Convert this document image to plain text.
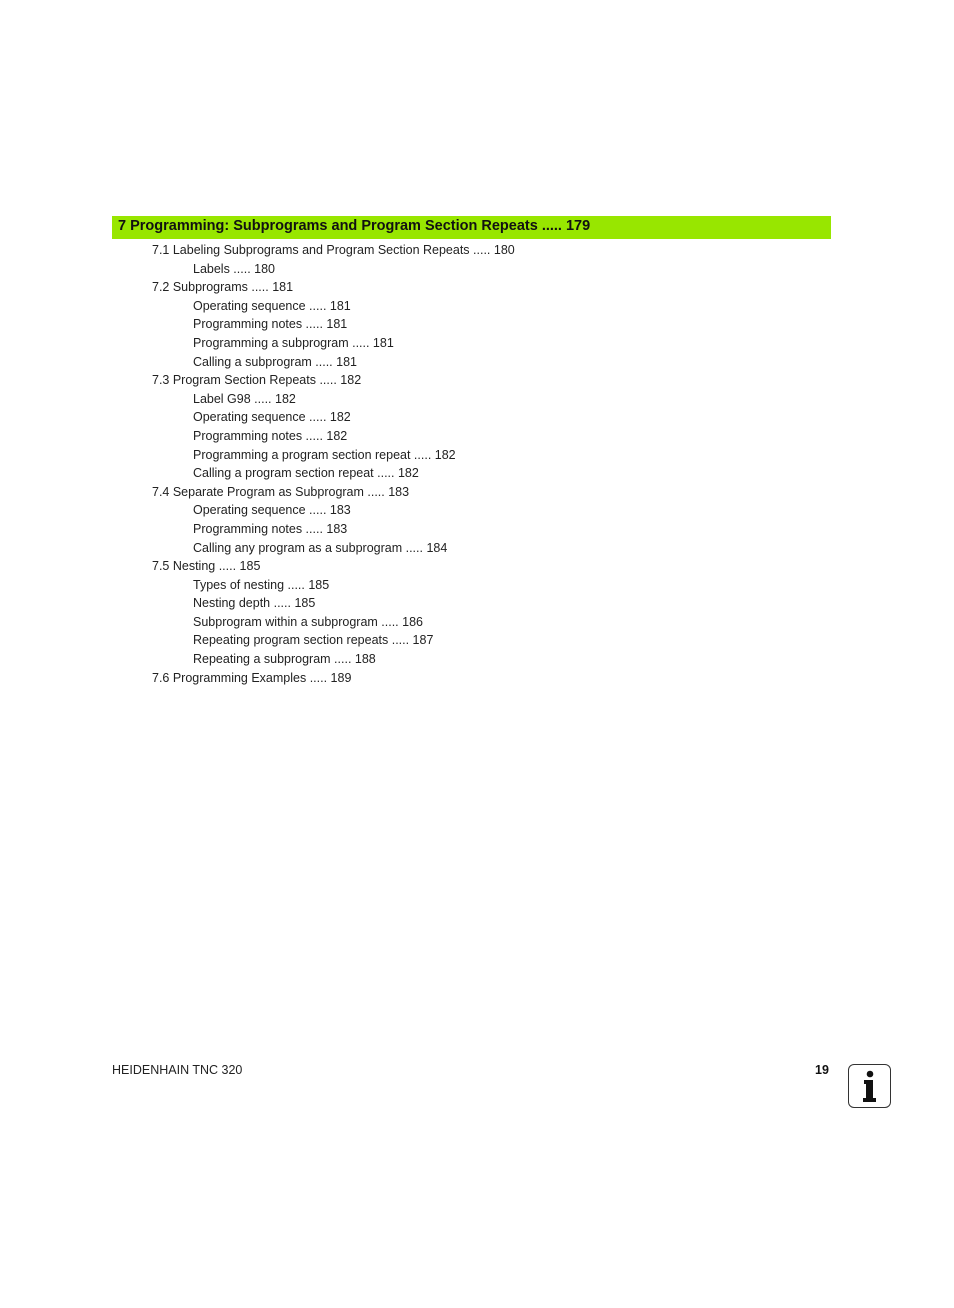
7 Programming: Subprograms and Program Section Repeats ..... 179
7.1 Labeling Subprograms and Program Section Repeats ..... 180
Labels ..... 180
7.2 Subprograms ..... 181
Operating sequence ..... 181
Programming notes ..... 181
Programming a subprogram ..... 181
Calling a subprogram ..... 181
7.3 Program Section Repeats ..... 182
Label G98 ..... 182
Operating sequence ..... 182
Programming notes ..... 182
Programming a program section repeat ..... 182
Calling a program section repeat ..... 182
7.4 Separate Program as Subprogram ..... 183
Operating sequence ..... 183
Programming notes ..... 183
Calling any program as a subprogram ..... 184
7.5 Nesting ..... 185
Types of nesting ..... 185
Nesting depth ..... 185
Subprogram within a subprogram ..... 186
Repeating program section repeats ..... 187
Repeating a subprogram ..... 188
7.6 Programming Examples ..... 189
HEIDENHAIN TNC 320	19
